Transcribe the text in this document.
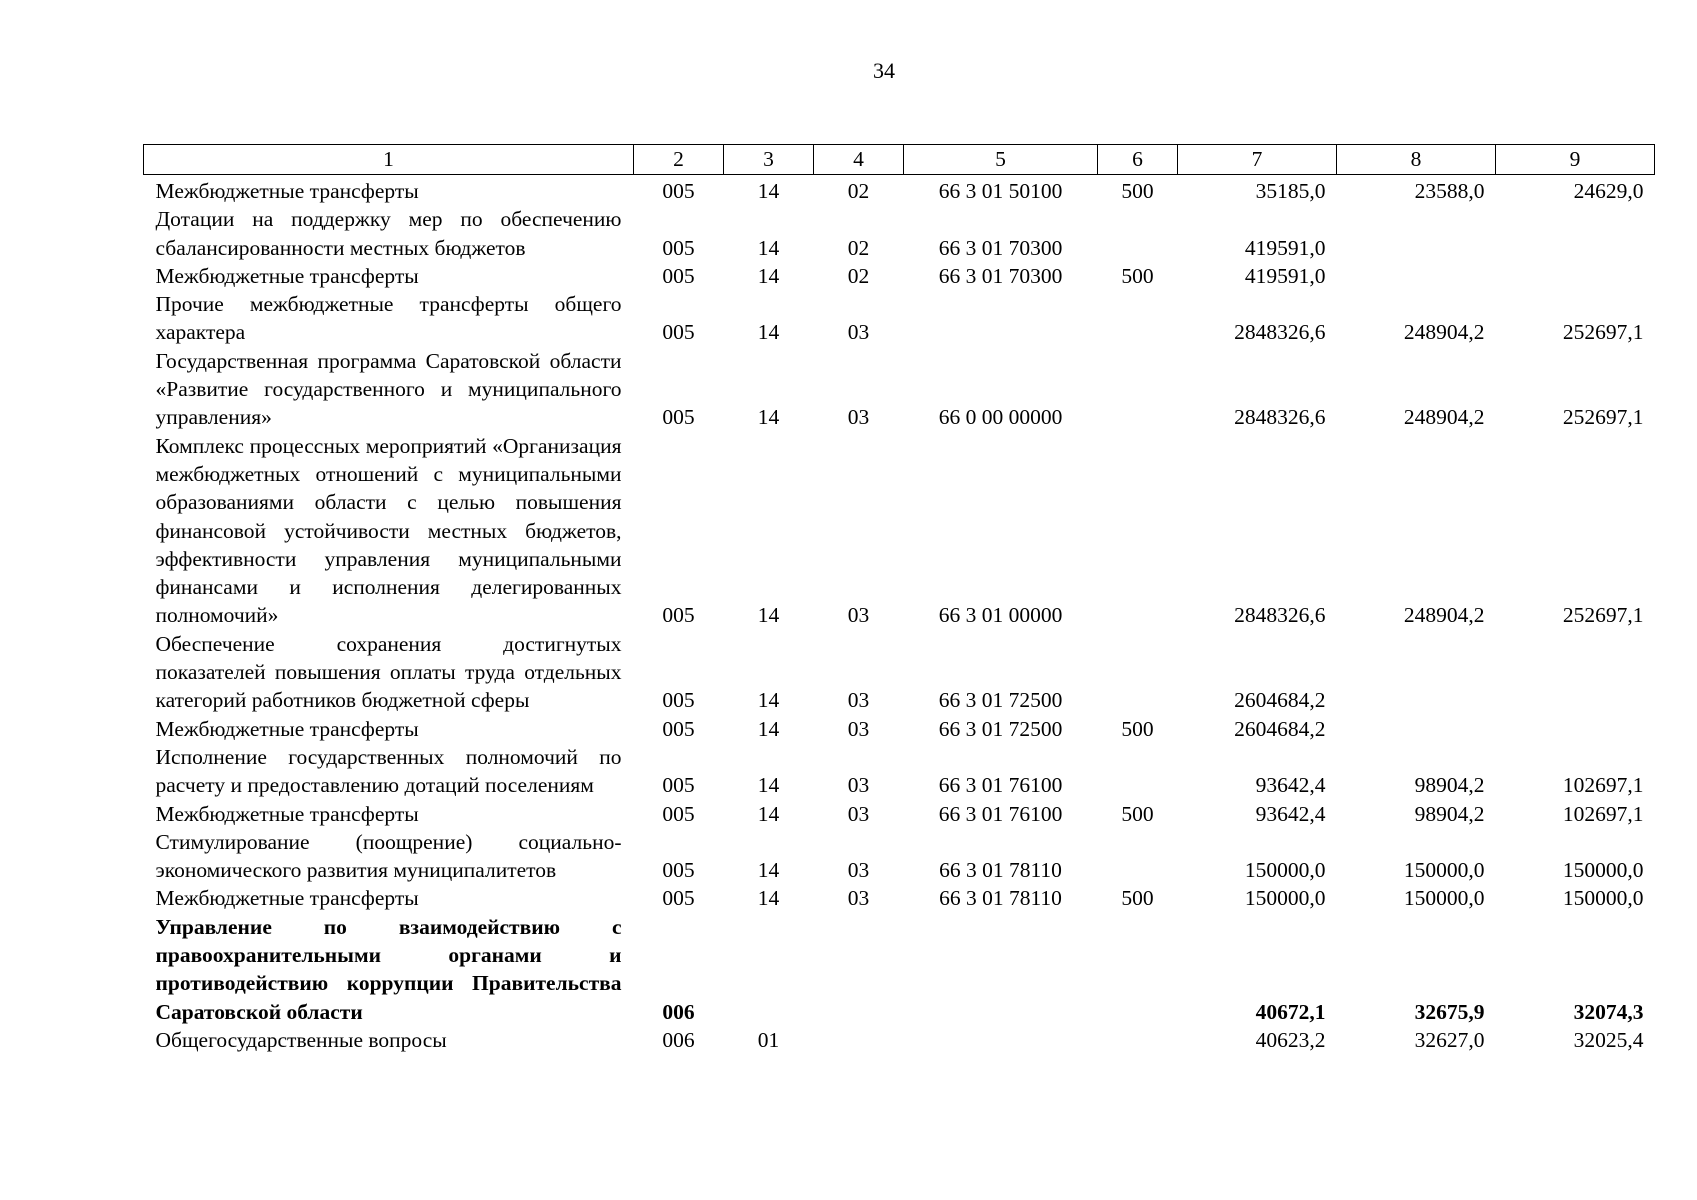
34
1	2	3	4	5	6	7	8	9
Межбюджетные трансферты	005	14	02	66 3 01 50100	500	35185,0	23588,0	24629,0
Дотации на поддержку мер по обеспечению сбалансированности местных бюджетов	005	14	02	66 3 01 70300		419591,0		
Межбюджетные трансферты	005	14	02	66 3 01 70300	500	419591,0		
Прочие межбюджетные трансферты общего характера	005	14	03			2848326,6	248904,2	252697,1
Государственная программа Саратовской области «Развитие государственного и муниципального управления»	005	14	03	66 0 00 00000		2848326,6	248904,2	252697,1
Комплекс процессных мероприятий «Организация межбюджетных отношений с муниципальными образованиями области с целью повышения финансовой устойчивости местных бюджетов, эффективности управления муниципальными финансами и исполнения делегированных полномочий»	005	14	03	66 3 01 00000		2848326,6	248904,2	252697,1
Обеспечение сохранения достигнутых показателей повышения оплаты труда отдельных категорий работников бюджетной сферы	005	14	03	66 3 01 72500		2604684,2		
Межбюджетные трансферты	005	14	03	66 3 01 72500	500	2604684,2		
Исполнение государственных полномочий по расчету и предоставлению дотаций поселениям	005	14	03	66 3 01 76100		93642,4	98904,2	102697,1
Межбюджетные трансферты	005	14	03	66 3 01 76100	500	93642,4	98904,2	102697,1
Стимулирование (поощрение) социально-экономического развития муниципалитетов	005	14	03	66 3 01 78110		150000,0	150000,0	150000,0
Межбюджетные трансферты	005	14	03	66 3 01 78110	500	150000,0	150000,0	150000,0
Управление по взаимодействию с правоохранительными органами и противодействию коррупции Правительства Саратовской области	006					40672,1	32675,9	32074,3
Общегосударственные вопросы	006	01				40623,2	32627,0	32025,4
